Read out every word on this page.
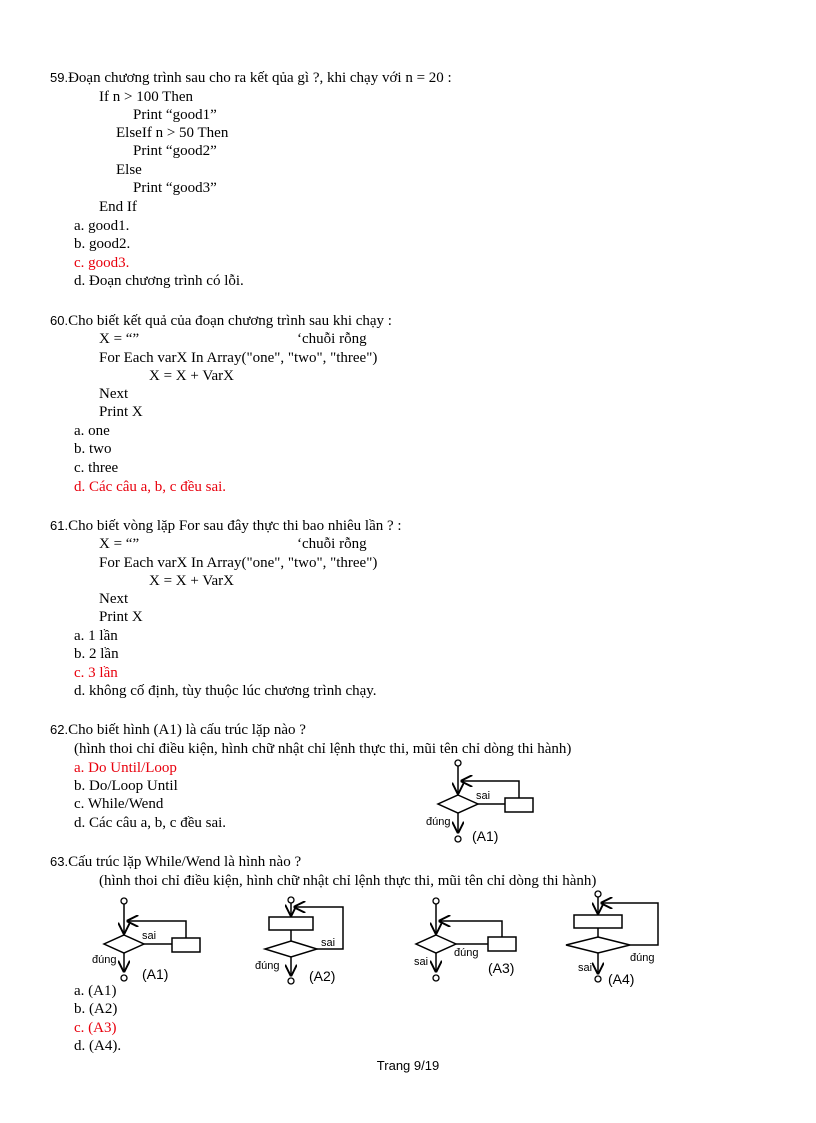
59.Đoạn chương trình sau cho ra kết qủa gì ?, khi chạy với n = 20 :
If n > 100 Then
Print “good1”
ElseIf n > 50 Then
Print “good2”
Else
Print “good3”
End If
a. good1.
b. good2.
c. good3.
d. Đoạn chương trình có lỗi.
60.Cho biết kết quả của đoạn chương trình sau khi chạy :
X = “”	‘chuỗi rỗng
For Each varX In Array("one", "two", "three")
X = X + VarX
Next
Print X
a. one
b. two
c. three
d. Các câu a, b, c đều sai.
61.Cho biết vòng lặp For sau đây thực thi bao nhiêu lần ? :
X = “”	‘chuỗi rỗng
For Each varX In Array("one", "two", "three")
X = X + VarX
Next
Print X
a. 1 lần
b. 2 lần
c. 3 lần
d. không cố định, tùy thuộc lúc chương trình chạy.
62.Cho biết hình (A1) là cấu trúc lặp nào ?
(hình thoi chỉ điều kiện, hình chữ nhật chỉ lệnh thực thi, mũi tên chỉ dòng thi hành)
a. Do Until/Loop
b. Do/Loop Until
c. While/Wend
d. Các câu a, b, c đều sai.
sai
đúng
(A1)
63.Cấu trúc lặp While/Wend là hình nào ?
(hình thoi chỉ điều kiện, hình chữ nhật chỉ lệnh thực thi, mũi tên chỉ dòng thi hành)
sai
đúng
(A1)
sai
đúng
(A2)
đúng
sai	(A3)
đúng
sai
(A4)
a. (A1)
b. (A2)
c. (A3)
d. (A4).
Trang 9/19
